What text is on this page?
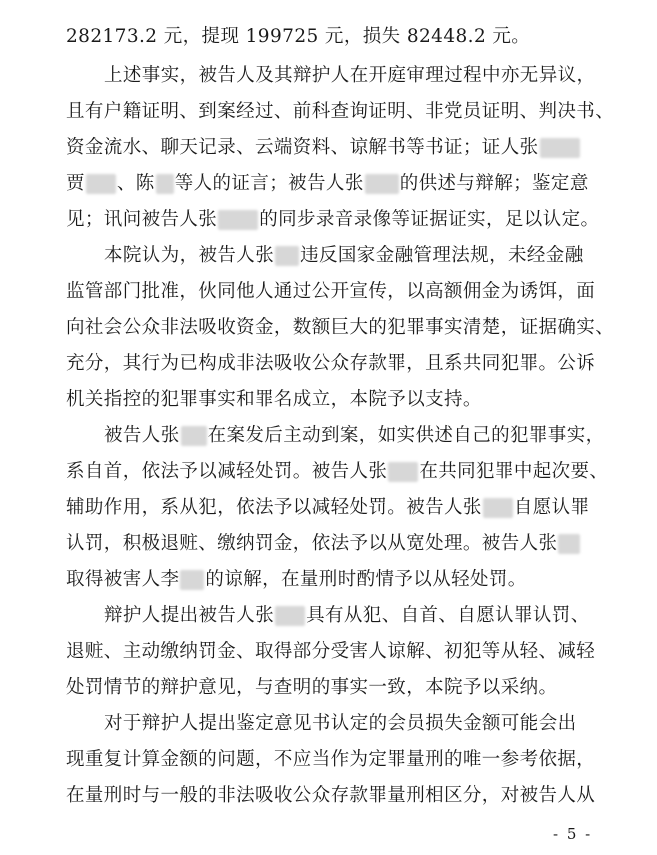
282173.2 元，提现 199725 元，损失 82448.2 元。
上述事实，被告人及其辩护人在开庭审理过程中亦无异议，
且有户籍证明、到案经过、前科查询证明、非党员证明、判决书、
资金流水、聊天记录、云端资料、谅解书等书证；证人张
贾 、陈 等人的证言；被告人张 的供述与辩解；鉴定意
见；讯问被告人张 的同步录音录像等证据证实，足以认定。
本院认为，被告人张 违反国家金融管理法规，未经金融
监管部门批准，伙同他人通过公开宣传，以高额佣金为诱饵，面
向社会公众非法吸收资金，数额巨大的犯罪事实清楚，证据确实、
充分，其行为已构成非法吸收公众存款罪，且系共同犯罪。公诉
机关指控的犯罪事实和罪名成立，本院予以支持。
被告人张 在案发后主动到案，如实供述自己的犯罪事实，
系自首，依法予以减轻处罚。被告人张 在共同犯罪中起次要、
辅助作用，系从犯，依法予以减轻处罚。被告人张 自愿认罪
认罚，积极退赃、缴纳罚金，依法予以从宽处理。被告人张
取得被害人李 的谅解，在量刑时酌情予以从轻处罚。
辩护人提出被告人张 具有从犯、自首、自愿认罪认罚、
退赃、主动缴纳罚金、取得部分受害人谅解、初犯等从轻、减轻
处罚情节的辩护意见，与查明的事实一致，本院予以采纳。
对于辩护人提出鉴定意见书认定的会员损失金额可能会出
现重复计算金额的问题，不应当作为定罪量刑的唯一参考依据，
在量刑时与一般的非法吸收公众存款罪量刑相区分，对被告人从
- 5 -
